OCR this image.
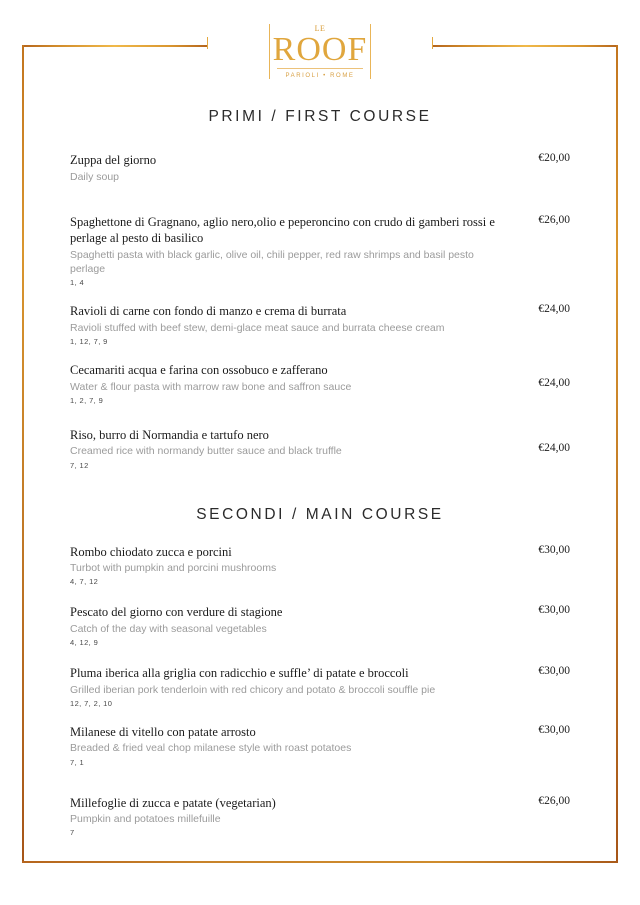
LE
ROOF
PARIOLI • ROME
PRIMI / FIRST COURSE
Zuppa del giorno
Daily soup
€20,00
Spaghettone di Gragnano, aglio nero,olio e peperoncino con crudo di gamberi rossi e perlage al pesto di basilico
Spaghetti pasta with black garlic, olive oil, chili pepper, red raw shrimps and basil pesto perlage
1, 4
€26,00
Ravioli di carne con fondo di manzo e crema di burrata
Ravioli stuffed with beef stew, demi-glace meat sauce and burrata cheese cream
1, 12, 7, 9
€24,00
Cecamariti acqua e farina con ossobuco e zafferano
Water & flour pasta with marrow raw bone and saffron sauce
1, 2, 7, 9
€24,00
Riso, burro di Normandia e tartufo nero
Creamed rice with normandy butter sauce and black truffle
7, 12
€24,00
SECONDI / MAIN COURSE
Rombo chiodato zucca e porcini
Turbot with pumpkin and porcini mushrooms
4, 7, 12
€30,00
Pescato del giorno con verdure di stagione
Catch of the day with seasonal vegetables
4, 12, 9
€30,00
Pluma iberica alla griglia con radicchio e suffle’ di patate e broccoli
Grilled iberian pork tenderloin with red chicory and potato & broccoli souffle pie
12, 7, 2, 10
€30,00
Milanese di vitello con patate arrosto
Breaded & fried veal chop milanese style with roast potatoes
7, 1
€30,00
Millefoglie di zucca e patate (vegetarian)
Pumpkin and potatoes millefuille
7
€26,00
